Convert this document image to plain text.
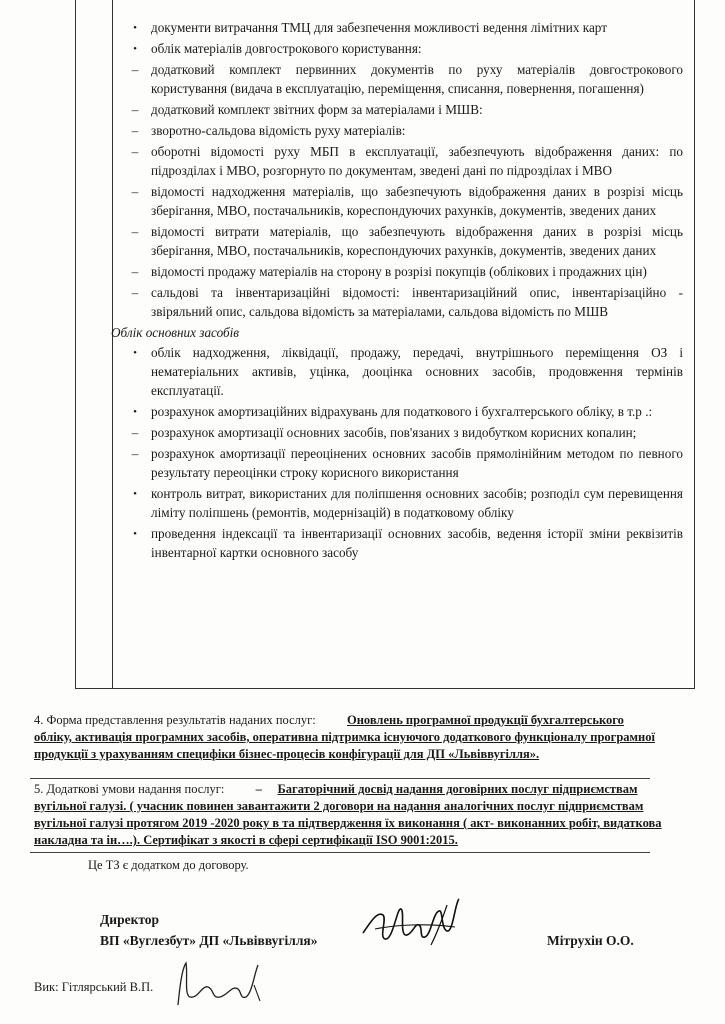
•	документи витрачання ТМЦ для забезпечення можливості ведення лімітних карт
•	облік матеріалів довгострокового користування:
– додатковий комплект первинних документів по руху матеріалів довгострокового користування (видача в експлуатацію, переміщення, списання, повернення, погашення)
– додатковий комплект звітних форм за матеріалами і МШВ:
– зворотно-сальдова відомість руху матеріалів:
– оборотні відомості руху МБП в експлуатації, забезпечують відображення даних: по підрозділах і МВО, розгорнуто по документам, зведені дані по підрозділах і МВО
– відомості надходження матеріалів, що забезпечують відображення даних в розрізі місць зберігання, МВО, постачальників, кореспондуючих рахунків, документів, зведених даних
– відомості витрати матеріалів, що забезпечують відображення даних в розрізі місць зберігання, МВО, постачальників, кореспондуючих рахунків, документів, зведених даних
– відомості продажу матеріалів на сторону в розрізі покупців (облікових і продажних цін)
– сальдові та інвентаризаційні відомості: інвентаризаційний опис, інвентарізаційно - звіряльний опис, сальдова відомість за матеріалами, сальдова відомість по МШВ
Облік основних засобів
•	облік надходження, ліквідації, продажу, передачі, внутрішнього переміщення ОЗ і нематеріальних активів, уцінка, дооцінка основних засобів, продовження термінів експлуатації.
•	розрахунок амортизаційних відрахувань для податкового і бухгалтерського обліку, в т.р .:
– розрахунок амортизації основних засобів, пов'язаних з видобутком корисних копалин;
– розрахунок амортизації переоцінених основних засобів прямолінійним методом по певного результату переоцінки строку корисного використання
•	контроль витрат, використаних для поліпшення основних засобів; розподіл сум перевищення ліміту поліпшень (ремонтів, модернізацій) в податковому обліку
•	проведення індексації та інвентаризації основних засобів, ведення історії зміни реквізитів інвентарної картки основного засобу
4. Форма представлення результатів наданих послуг:	Оновлень програмної продукції бухгалтерського обліку, активація програмних засобів, оперативна підтримка існуючого додаткового функціоналу програмної продукції з урахуванням специфіки бізнес-процесів конфігурації для ДП «Львіввугілля».
5. Додаткові умови надання послуг:	– Багаторічний досвід надання договірних послуг підприємствам вугільної галузі. ( учасник повинен завантажити 2 договори на надання аналогічних послуг підприємствам вугільної галузі протягом 2019 -2020 року в та підтвердження їх виконання ( акт- виконанних робіт, видаткова накладна та ін….). Сертифікат з якості в сфері сертифікації ISO 9001:2015.
Це ТЗ є додатком до договору.
Директор
ВП «Вуглезбут» ДП «Львіввугілля»	Мітрухін О.О.
Вик: Гітлярський В.П.
